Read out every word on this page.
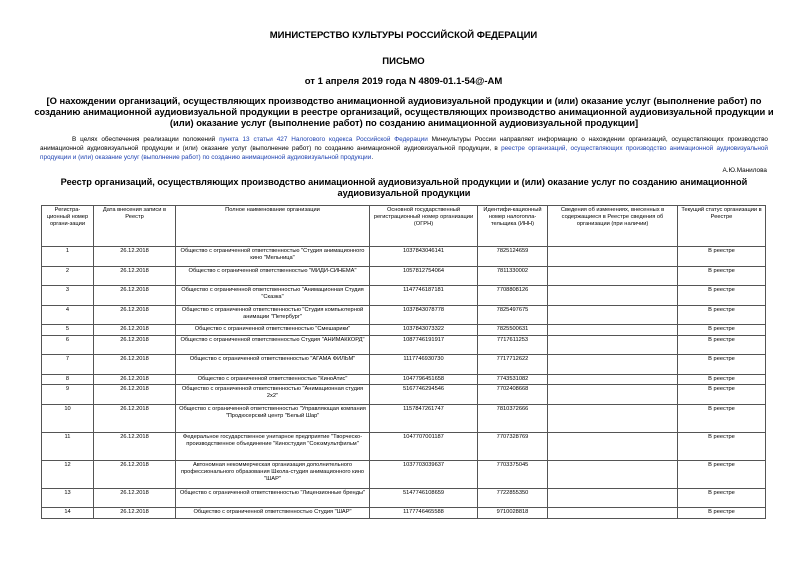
МИНИСТЕРСТВО КУЛЬТУРЫ РОССИЙСКОЙ ФЕДЕРАЦИИ
ПИСЬМО
от 1 апреля 2019 года N 4809-01.1-54@-АМ
[О нахождении организаций, осуществляющих производство анимационной аудиовизуальной продукции и (или) оказание услуг (выполнение работ) по созданию анимационной аудиовизуальной продукции в реестре организаций, осуществляющих производство анимационной аудиовизуальной продукции и (или) оказание услуг (выполнение работ) по созданию анимационной аудиовизуальной продукции]
В целях обеспечения реализации положений пункта 13 статьи 427 Налогового кодекса Российской Федерации Минкультуры России направляет информацию о нахождении организаций, осуществляющих производство анимационной аудиовизуальной продукции и (или) оказание услуг (выполнение работ) по созданию анимационной аудиовизуальной продукции, в реестре организаций, осуществляющих производство анимационной аудиовизуальной продукции и (или) оказание услуг (выполнение работ) по созданию анимационной аудиовизуальной продукции.
А.Ю.Манилова
Реестр организаций, осуществляющих производство анимационной аудиовизуальной продукции и (или) оказание услуг по созданию анимационной аудиовизуальной продукции
Регистра-ционный номер органи-зации	Дата внесения записи в Реестр	Полное наименование организации	Основной государственный регистрационный номер организации (ОГРН)	Идентифи-кационный номер налогопла-тельщика (ИНН)	Сведения об изменениях, внесенных в содержащиеся в Реестре сведения об организации (при наличии)	Текущий статус организации в Реестре
1	26.12.2018	Общество с ограниченной ответственностью "Студия анимационного кино "Мельница"	1037843046141	7825124659		В реестре
2	26.12.2018	Общество с ограниченной ответственностью "МИДИ-СИНЕМА"	1057812754064	7811330002		В реестре
3	26.12.2018	Общество с ограниченной ответственностью "Анимационная Студия "Сказка"	1147746187181	7708808126		В реестре
4	26.12.2018	Общество с ограниченной ответственностью "Студия компьютерной анимации "Петербург"	1037843078778	7825497675		В реестре
5	26.12.2018	Общество с ограниченной ответственностью "Смешарики"	1037843073322	7825500631		В реестре
6	26.12.2018	Общество с ограниченной ответственностью Студия "АНИМАККОРД"	1087746191917	7717611253		В реестре
7	26.12.2018	Общество с ограниченной ответственностью "АГАМА ФИЛЬМ"	1117746930730	7717712622		В реестре
8	26.12.2018	Общество с ограниченной ответственностью "КиноАтис"	1047796451658	7743531082		В реестре
9	26.12.2018	Общество с ограниченной ответственностью "Анимационная студия 2х2"	5167746294546	7702408668		В реестре
10	26.12.2018	Общество с ограниченной ответственностью "Управляющая компания "Продюсерский центр "Белый Шар"	1157847261747	7810372666		В реестре
11	26.12.2018	Федеральное государственное унитарное предприятие "Творческо-производственное объединение "Киностудия "Союзмультфильм"	1047707001187	7707328769		В реестре
12	26.12.2018	Автономная некоммерческая организация дополнительного профессионального образования Школа-студия анимационного кино "ШАР"	1037703039637	7703375045		В реестре
13	26.12.2018	Общество с ограниченной ответственностью "Лицензионные бренды"	5147746108659	7722855350		В реестре
14	26.12.2018	Общество с ограниченной ответственностью Студия "ШАР"	1177746465588	9710028818		В реестре
